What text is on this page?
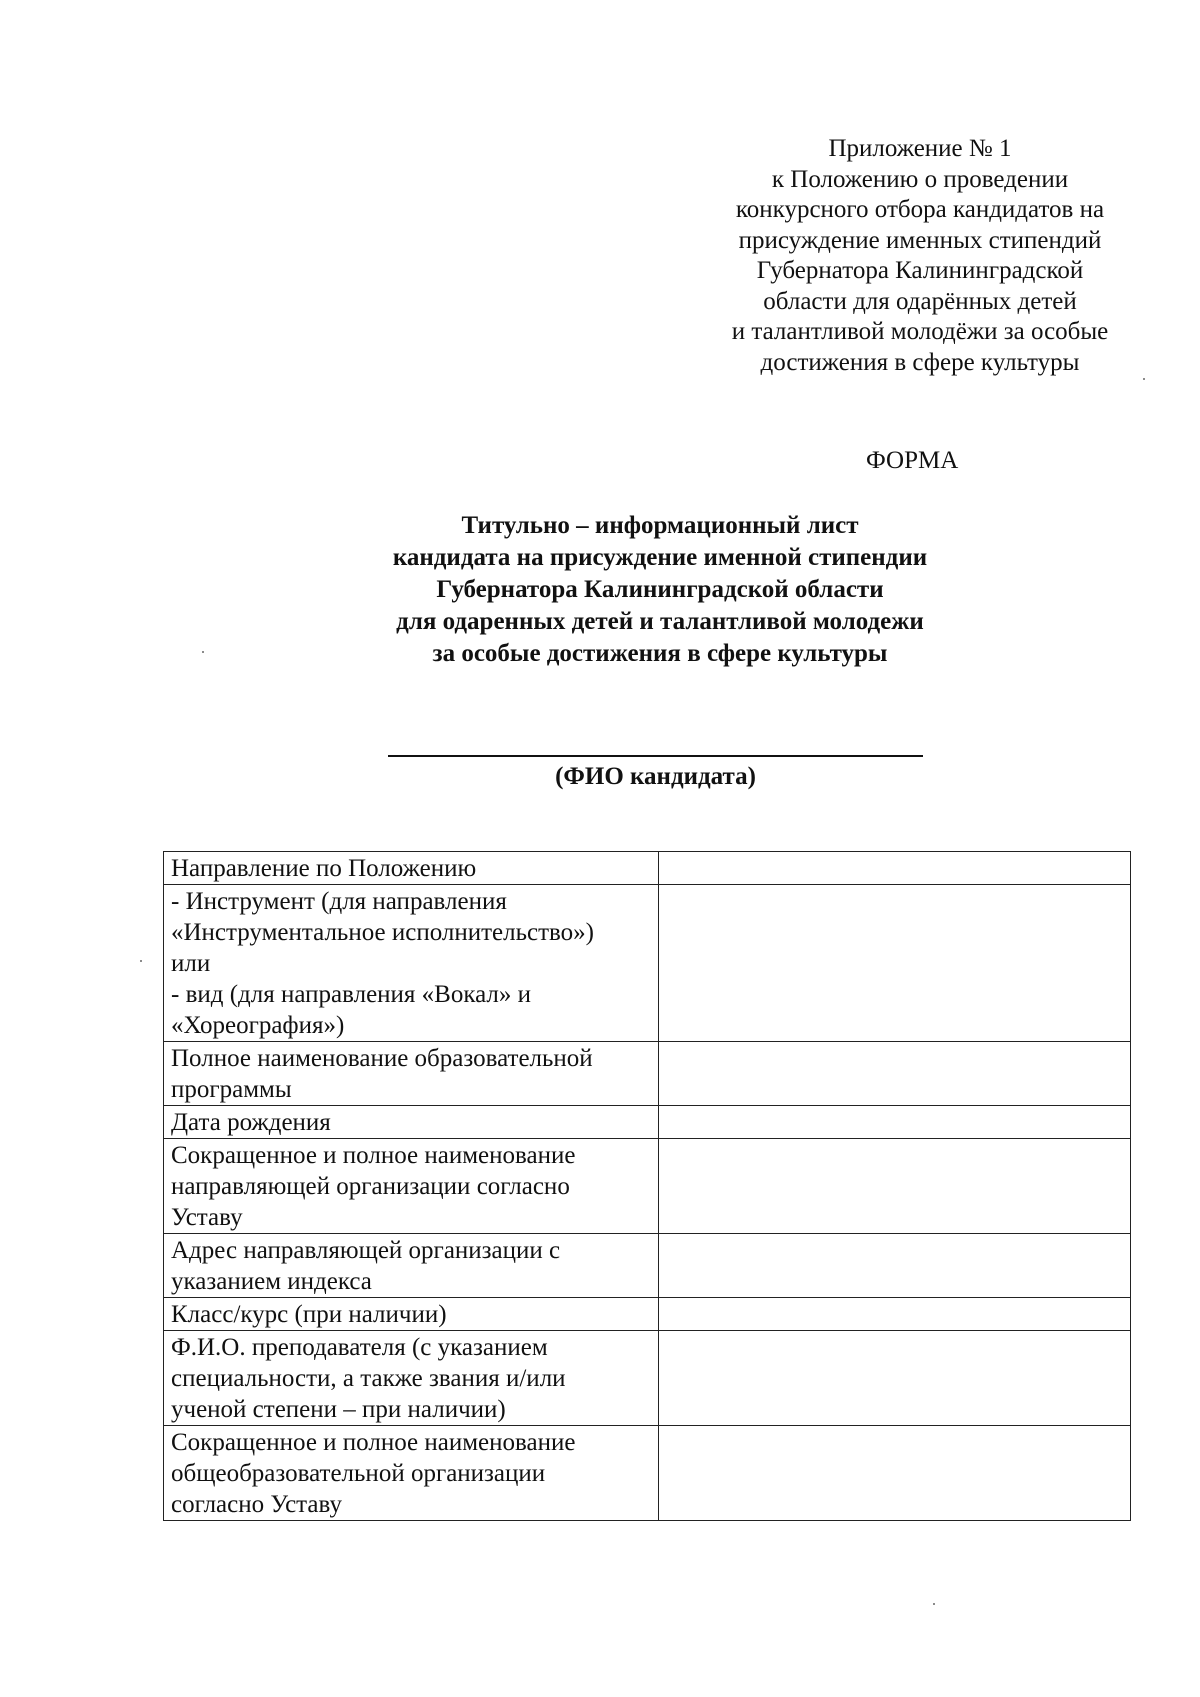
Приложение № 1
к Положению о проведении
конкурсного отбора кандидатов на
присуждение именных стипендий
Губернатора Калининградской
области для одарённых детей
и талантливой молодёжи за особые
достижения в сфере культуры
ФОРМА
Титульно – информационный лист
кандидата на присуждение именной стипендии
Губернатора Калининградской области
для одаренных детей и талантливой молодежи
за особые достижения в сфере культуры
(ФИО кандидата)
Направление по Положению	

- Инструмент (для направления
«Инструментальное исполнительство»)
или
- вид (для направления «Вокал» и
«Хореография»)	

Полное наименование образовательной
программы	

Дата рождения	

Сокращенное и полное наименование
направляющей организации согласно
Уставу	

Адрес направляющей организации с
указанием индекса	

Класс/курс (при наличии)	

Ф.И.О. преподавателя (с указанием
специальности, а также звания и/или
ученой степени – при наличии)	

Сокращенное и полное наименование
общеобразовательной организации
согласно Уставу	
